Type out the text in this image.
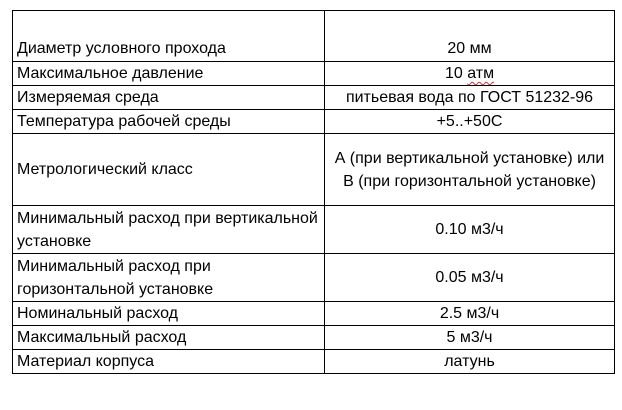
Диаметр условного прохода	20 мм
Максимальное давление	10 атм
Измеряемая среда	питьевая вода по ГОСТ 51232-96
Температура рабочей среды	+5..+50С
Метрологический класс	А (при вертикальной установке) или В (при горизонтальной установке)
Минимальный расход при вертикальной установке	0.10 м3/ч
Минимальный расход при горизонтальной установке	0.05 м3/ч
Номинальный расход	2.5 м3/ч
Максимальный расход	5 м3/ч
Материал корпуса	латунь
